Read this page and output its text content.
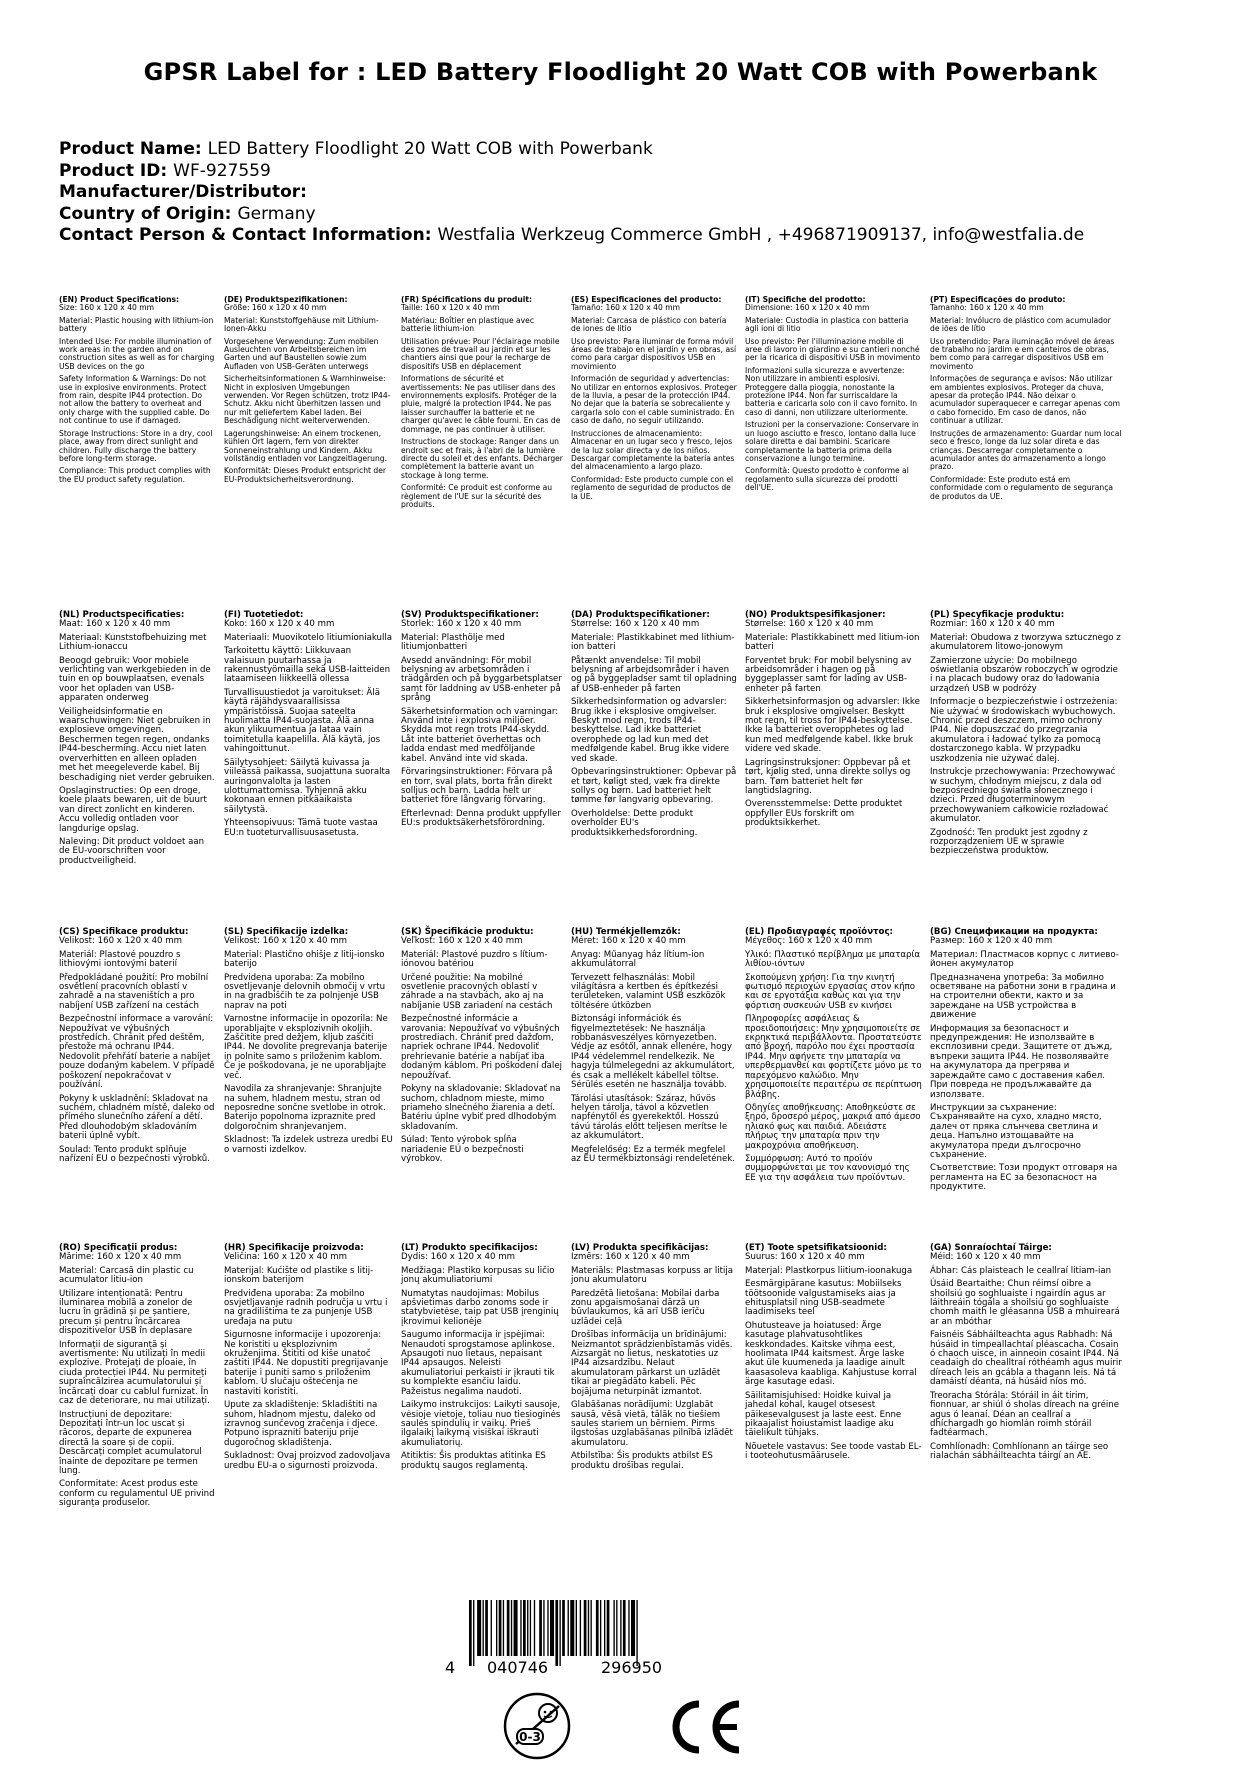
GPSR Label for : LED Battery Floodlight 20 Watt COB with Powerbank
Product Name: LED Battery Floodlight 20 Watt COB with Powerbank
Product ID: WF-927559
Manufacturer/Distributor:
Country of Origin: Germany
Contact Person & Contact Information: Westfalia Werkzeug Commerce GmbH , +496871909137, info@westfalia.de
(EN) Product Specifications:

Size: 160 x 120 x 40 mm

Material: Plastic housing with lithium-ion battery

Intended Use: For mobile illumination of work areas in the garden and on construction sites as well as for charging USB devices on the go

Safety Information & Warnings: Do not use in explosive environments. Protect from rain, despite IP44 protection. Do not allow the battery to overheat and only charge with the supplied cable. Do not continue to use if damaged.

Storage Instructions: Store in a dry, cool place, away from direct sunlight and children. Fully discharge the battery before long-term storage.

Compliance: This product complies with the EU product safety regulation.

(DE) Produktspezifikationen:

Größe: 160 x 120 x 40 mm

Material: Kunststoffgehäuse mit Lithium-Ionen-Akku

Vorgesehene Verwendung: Zum mobilen Ausleuchten von Arbeitsbereichen im Garten und auf Baustellen sowie zum Aufladen von USB-Geräten unterwegs

Sicherheitsinformationen & Warnhinweise: Nicht in explosiven Umgebungen verwenden. Vor Regen schützen, trotz IP44-Schutz. Akku nicht überhitzen lassen und nur mit geliefertem Kabel laden. Bei Beschädigung nicht weiterverwenden.

Lagerungshinweise: An einem trockenen, kühlen Ort lagern, fern von direkter Sonneneinstrahlung und Kindern. Akku vollständig entladen vor Langzeitlagerung.

Konformität: Dieses Produkt entspricht der EU-Produktsicherheitsverordnung.

(FR) Spécifications du produit:

Taille: 160 x 120 x 40 mm

Matériau: Boîtier en plastique avec batterie lithium-ion

Utilisation prévue: Pour l'éclairage mobile des zones de travail au jardin et sur les chantiers ainsi que pour la recharge de dispositifs USB en déplacement

Informations de sécurité et avertissements: Ne pas utiliser dans des environnements explosifs. Protéger de la pluie, malgré la protection IP44. Ne pas laisser surchauffer la batterie et ne charger qu'avec le câble fourni. En cas de dommage, ne pas continuer à utiliser.

Instructions de stockage: Ranger dans un endroit sec et frais, à l'abri de la lumière directe du soleil et des enfants. Décharger complètement la batterie avant un stockage à long terme.

Conformité: Ce produit est conforme au règlement de l'UE sur la sécurité des produits.

(ES) Especificaciones del producto:

Tamaño: 160 x 120 x 40 mm

Material: Carcasa de plástico con batería de iones de litio

Uso previsto: Para iluminar de forma móvil áreas de trabajo en el jardín y en obras, así como para cargar dispositivos USB en movimiento

Información de seguridad y advertencias: No utilizar en entornos explosivos. Proteger de la lluvia, a pesar de la protección IP44. No dejar que la batería se sobrecaliente y cargarla solo con el cable suministrado. En caso de daño, no seguir utilizando.

Instrucciones de almacenamiento: Almacenar en un lugar seco y fresco, lejos de la luz solar directa y de los niños. Descargar completamente la batería antes del almacenamiento a largo plazo.

Conformidad: Este producto cumple con el reglamento de seguridad de productos de la UE.

(IT) Specifiche del prodotto:

Dimensione: 160 x 120 x 40 mm

Materiale: Custodia in plastica con batteria agli ioni di litio

Uso previsto: Per l'illuminazione mobile di aree di lavoro in giardino e su cantieri nonché per la ricarica di dispositivi USB in movimento

Informazioni sulla sicurezza e avvertenze: Non utilizzare in ambienti esplosivi. Proteggere dalla pioggia, nonostante la protezione IP44. Non far surriscaldare la batteria e caricarla solo con il cavo fornito. In caso di danni, non utilizzare ulteriormente.

Istruzioni per la conservazione: Conservare in un luogo asciutto e fresco, lontano dalla luce solare diretta e dai bambini. Scaricare completamente la batteria prima della conservazione a lungo termine.

Conformità: Questo prodotto è conforme al regolamento sulla sicurezza dei prodotti dell'UE.

(PT) Especificações do produto:

Tamanho: 160 x 120 x 40 mm

Material: Invólucro de plástico com acumulador de iões de lítio

Uso pretendido: Para iluminação móvel de áreas de trabalho no jardim e em canteiros de obras, bem como para carregar dispositivos USB em movimento

Informações de segurança e avisos: Não utilizar em ambientes explosivos. Proteger da chuva, apesar da proteção IP44. Não deixar o acumulador superaquecer e carregar apenas com o cabo fornecido. Em caso de danos, não continuar a utilizar.

Instruções de armazenamento: Guardar num local seco e fresco, longe da luz solar direta e das crianças. Descarregar completamente o acumulador antes do armazenamento a longo prazo.

Conformidade: Este produto está em conformidade com o regulamento de segurança de produtos da UE.

(NL) Productspecificaties:

Maat: 160 x 120 x 40 mm

Materiaal: Kunststofbehuizing met Lithium-ionaccu

Beoogd gebruik: Voor mobiele verlichting van werkgebieden in de tuin en op bouwplaatsen, evenals voor het opladen van USB-apparaten onderweg

Veiligheidsinformatie en waarschuwingen: Niet gebruiken in explosieve omgevingen. Beschermen tegen regen, ondanks IP44-bescherming. Accu niet laten oververhitten en alleen opladen met het meegeleverde kabel. Bij beschadiging niet verder gebruiken.

Opslaginstructies: Op een droge, koele plaats bewaren, uit de buurt van direct zonlicht en kinderen. Accu volledig ontladen voor langdurige opslag.

Naleving: Dit product voldoet aan de EU-voorschriften voor productveiligheid.

(FI) Tuotetiedot:

Koko: 160 x 120 x 40 mm

Materiaali: Muovikotelo litiumioniakulla

Tarkoitettu käyttö: Liikkuvaan valaisuun puutarhassa ja rakennustyömailla sekä USB-laitteiden lataamiseen liikkeellä ollessa

Turvallisuustiedot ja varoitukset: Älä käytä räjähdysvaarallisissa ympäristöissä. Suojaa sateelta huolimatta IP44-suojasta. Älä anna akun ylikuumentua ja lataa vain toimitetulla kaapelilla. Älä käytä, jos vahingoittunut.

Säilytysohjeet: Säilytä kuivassa ja viileässä paikassa, suojattuna suoralta auringonvalolta ja lasten ulottumattomissa. Tyhjennä akku kokonaan ennen pitkäaikaista säilytystä.

Yhteensopivuus: Tämä tuote vastaa EU:n tuoteturvallisuusasetusta.

(SV) Produktspecifikationer:

Storlek: 160 x 120 x 40 mm

Material: Plasthölje med litiumjonbatteri

Avsedd användning: För mobil belysning av arbetsområden i trädgården och på byggarbetsplatser samt för laddning av USB-enheter på språng

Säkerhetsinformation och varningar: Använd inte i explosiva miljöer. Skydda mot regn trots IP44-skydd. Låt inte batteriet överhettas och ladda endast med medföljande kabel. Använd inte vid skada.

Förvaringsinstruktioner: Förvara på en torr, sval plats, borta från direkt solljus och barn. Ladda helt ur batteriet före långvarig förvaring.

Efterlevnad: Denna produkt uppfyller EU:s produktsäkerhetsförordning.

(DA) Produktspecifikationer:

Størrelse: 160 x 120 x 40 mm

Materiale: Plastikkabinet med lithium-ion batteri

Påtænkt anvendelse: Til mobil belysning af arbejdsområder i haven og på byggepladser samt til opladning af USB-enheder på farten

Sikkerhedsinformation og advarsler: Brug ikke i eksplosive omgivelser. Beskyt mod regn, trods IP44-beskyttelse. Lad ikke batteriet overophede og lad kun med det medfølgende kabel. Brug ikke videre ved skade.

Opbevaringsinstruktioner: Opbevar på et tørt, køligt sted, væk fra direkte sollys og børn. Lad batteriet helt tømme før langvarig opbevaring.

Overholdelse: Dette produkt overholder EU's produktsikkerhedsforordning.

(NO) Produktspesifikasjoner:

Størrelse: 160 x 120 x 40 mm

Materiale: Plastikkabinett med litium-ion batteri

Forventet bruk: For mobil belysning av arbeidsområder i hagen og på byggeplasser samt for lading av USB-enheter på farten

Sikkerhetsinformasjon og advarsler: Ikke bruk i eksplosive omgivelser. Beskytt mot regn, til tross for IP44-beskyttelse. Ikke la batteriet overopphetes og lad kun med medfølgende kabel. Ikke bruk videre ved skade.

Lagringsinstruksjoner: Oppbevar på et tørt, kjølig sted, unna direkte sollys og barn. Tøm batteriet helt før langtidslagring.

Overensstemmelse: Dette produktet oppfyller EUs forskrift om produktsikkerhet.

(PL) Specyfikacje produktu:

Rozmiar: 160 x 120 x 40 mm

Materiał: Obudowa z tworzywa sztucznego z akumulatorem litowo-jonowym

Zamierzone użycie: Do mobilnego oświetlania obszarów roboczych w ogrodzie i na placach budowy oraz do ładowania urządzeń USB w podróży

Informacje o bezpieczeństwie i ostrzeżenia: Nie używać w środowiskach wybuchowych. Chronić przed deszczem, mimo ochrony IP44. Nie dopuszczać do przegrzania akumulatora i ładować tylko za pomocą dostarczonego kabla. W przypadku uszkodzenia nie używać dalej.

Instrukcje przechowywania: Przechowywać w suchym, chłodnym miejscu, z dala od bezpośredniego światła słonecznego i dzieci. Przed długoterminowym przechowywaniem całkowicie rozładować akumulator.

Zgodność: Ten produkt jest zgodny z rozporządzeniem UE w sprawie bezpieczeństwa produktów.

(CS) Specifikace produktu:

Velikost: 160 x 120 x 40 mm

Materiál: Plastové pouzdro s lithiovými iontovými baterií

Předpokládané použití: Pro mobilní osvětlení pracovních oblastí v zahradě a na staveništích a pro nabíjení USB zařízení na cestách

Bezpečnostní informace a varování: Nepoužívat ve výbušných prostředích. Chránit před deštěm, přestože má ochranu IP44. Nedovolit přehřátí baterie a nabíjet pouze dodaným kabelem. V případě poškození nepokračovat v používání.

Pokyny k uskladnění: Skladovat na suchém, chladném místě, daleko od přímého slunečního záření a dětí. Před dlouhodobým skladováním baterii úplně vybít.

Soulad: Tento produkt splňuje nařízení EU o bezpečnosti výrobků.

(SL) Specifikacije izdelka:

Velikost: 160 x 120 x 40 mm

Material: Plastično ohišje z litij-ionsko baterijo

Predvidena uporaba: Za mobilno osvetljevanje delovnih območij v vrtu in na gradbiščih te za polnjenje USB naprav na poti

Varnostne informacije in opozorila: Ne uporabljajte v eksplozivnih okoljih. Zaščitite pred dežjem, kljub zaščiti IP44. Ne dovolite pregrevanja baterije in polnite samo s priloženim kablom. Če je poškodovana, je ne uporabljajte več.

Navodila za shranjevanje: Shranjujte na suhem, hladnem mestu, stran od neposredne sončne svetlobe in otrok. Baterijo popolnoma izpraznite pred dolgoročnim shranjevanjem.

Skladnost: Ta izdelek ustreza uredbi EU o varnosti izdelkov.

(SK) Špecifikácie produktu:

Veľkosť: 160 x 120 x 40 mm

Materiál: Plastové puzdro s lítium-iónovou batériou

Určené použitie: Na mobilné osvetlenie pracovných oblastí v záhrade a na stavbách, ako aj na nabíjanie USB zariadení na cestách

Bezpečnostné informácie a varovania: Nepoužívať vo výbušných prostrediach. Chrániť pred dažďom, napriek ochrane IP44. Nedovoliť prehrievanie batérie a nabíjať iba dodaným káblom. Pri poškodení ďalej nepoužívať.

Pokyny na skladovanie: Skladovať na suchom, chladnom mieste, mimo priameho slnečného žiarenia a detí. Batériu úplne vybiť pred dlhodobým skladovaním.

Súlad: Tento výrobok spĺňa nariadenie EÚ o bezpečnosti výrobkov.

(HU) Termékjellemzők:

Méret: 160 x 120 x 40 mm

Anyag: Műanyag ház lítium-ion akkumulátorral

Tervezett felhasználás: Mobil világításra a kertben és építkezési területeken, valamint USB eszközök töltésére útközben

Biztonsági információk és figyelmeztetések: Ne használja robbanásveszélyes környezetben. Védje az esőtől, annak ellenére, hogy IP44 védelemmel rendelkezik. Ne hagyja túlmelegedni az akkumulátort, és csak a mellékelt kábellel töltse. Sérülés esetén ne használja tovább.

Tárolási utasítások: Száraz, hűvös helyen tárolja, távol a közvetlen napfénytől és gyerekektől. Hosszú távú tárolás előtt teljesen merítse le az akkumulátort.

Megfelelőség: Ez a termék megfelel az EU termékbiztonsági rendeletének.

(EL) Προδιαγραφές προϊόντος:

Μέγεθος: 160 x 120 x 40 mm

Υλικό: Πλαστικό περίβλημα με μπαταρία λιθίου-ιόντων

Σκοπούμενη χρήση: Για την κινητή φωτισμό περιοχών εργασίας στον κήπο και σε εργοτάξια καθώς και για την φόρτιση συσκευών USB εν κινήσει

Πληροφορίες ασφάλειας & προειδοποιήσεις: Μην χρησιμοποιείτε σε εκρηκτικά περιβάλλοντα. Προστατεύστε από βροχή, παρόλο που έχει προστασία IP44. Μην αφήνετε την μπαταρία να υπερθερμανθεί και φορτίζετε μόνο με το παρεχόμενο καλώδιο. Μην χρησιμοποιείτε περαιτέρω σε περίπτωση βλάβης.

Οδηγίες αποθήκευσης: Αποθηκεύστε σε ξηρό, δροσερό μέρος, μακριά από άμεσο ηλιακό φως και παιδιά. Αδειάστε πλήρως την μπαταρία πριν την μακροχρόνια αποθήκευση.

Συμμόρφωση: Αυτό το προϊόν συμμορφώνεται με τον κανονισμό της ΕΕ για την ασφάλεια των προϊόντων.

(BG) Спецификации на продукта:

Размер: 160 x 120 x 40 mm

Материал: Пластмасов корпус с литиево-йонен акумулатор

Предназначена употреба: За мобилно осветяване на работни зони в градина и на строителни обекти, както и за зареждане на USB устройства в движение

Информация за безопасност и предупреждения: Не използвайте в експлозивни среди. Защитете от дъжд, въпреки защита IP44. Не позволявайте на акумулатора да прегрява и зареждайте само с доставения кабел. При повреда не продължавайте да използвате.

Инструкции за съхранение: Съхранявайте на сухо, хладно място, далеч от пряка слънчева светлина и деца. Напълно изтощавайте на акумулатора преди дългосрочно съхранение.

Съответствие: Този продукт отговаря на регламента на ЕС за безопасност на продуктите.

(RO) Specificații produs:

Mărime: 160 x 120 x 40 mm

Material: Carcasă din plastic cu acumulator litiu-ion

Utilizare intenționată: Pentru iluminarea mobilă a zonelor de lucru în grădină și pe șantiere, precum și pentru încărcarea dispozitivelor USB în deplasare

Informații de siguranță și avertismente: Nu utilizați în medii explozive. Protejați de ploaie, în ciuda protecției IP44. Nu permiteți supraîncălzirea acumulatorului și încărcați doar cu cablul furnizat. În caz de deteriorare, nu mai utilizați.

Instrucțiuni de depozitare: Depozitați într-un loc uscat și răcoros, departe de expunerea directă la soare și de copii. Descărcați complet acumulatorul înainte de depozitare pe termen lung.

Conformitate: Acest produs este conform cu regulamentul UE privind siguranța produselor.

(HR) Specifikacije proizvoda:

Veličina: 160 x 120 x 40 mm

Materijal: Kućište od plastike s litij-ionskom baterijom

Predviđena uporaba: Za mobilno osvjetljavanje radnih područja u vrtu i na gradilištima te za punjenje USB uređaja na putu

Sigurnosne informacije i upozorenja: Ne koristiti u eksplozivnim okruženjima. Štititi od kiše unatoč zaštiti IP44. Ne dopustiti pregrijavanje baterije i puniti samo s priloženim kablom. U slučaju oštećenja ne nastaviti koristiti.

Upute za skladištenje: Skladištiti na suhom, hladnom mjestu, daleko od izravnog sunčevog zračenja i djece. Potpuno isprazniti bateriju prije dugoročnog skladištenja.

Sukladnost: Ovaj proizvod zadovoljava uredbu EU-a o sigurnosti proizvoda.

(LT) Produkto specifikacijos:

Dydis: 160 x 120 x 40 mm

Medžiaga: Plastiko korpusas su ličio jonų akumuliatoriumi

Numatytas naudojimas: Mobilus apšvietimas darbo zonoms sode ir statybvietėse, taip pat USB įrenginių įkrovimui kelionėje

Saugumo informacija ir įspėjimai: Nenaudoti sprogstamose aplinkose. Apsaugoti nuo lietaus, nepaisant IP44 apsaugos. Neleisti akumuliatoriui perkaisti ir įkrauti tik su komplekte esančiu laidu. Pažeistus negalima naudoti.

Laikymo instrukcijos: Laikyti sausoje, vėsioje vietoje, toliau nuo tiesioginės saulės spindulių ir vaikų. Prieš ilgalaikį laikymą visiškai iškrauti akumuliatorių.

Atitiktis: Šis produktas atitinka ES produktų saugos reglamentą.

(LV) Produkta specifikācijas:

Izmērs: 160 x 120 x 40 mm

Materiāls: Plastmasas korpuss ar litija jonu akumulatoru

Paredzētā lietošana: Mobilai darba zonu apgaismošanai dārzā un būvlaukumos, kā arī USB ierīču uzlādei ceļā

Drošības informācija un brīdinājumi: Neizmantot sprādzienbīstamās vidēs. Aizsargāt no lietus, neskatoties uz IP44 aizsardzību. Nelaut akumulatoram pārkarst un uzlādēt tikai ar piegādāto kabeli. Pēc bojājuma neturpināt izmantot.

Glabāšanas norādījumi: Uzglabāt sausā, vēsā vietā, tālāk no tiešiem saules stariem un bērniem. Pirms ilgstošas uzglabāšanas pilnībā izlādēt akumulatoru.

Atbilstība: Šis produkts atbilst ES produktu drošības regulai.

(ET) Toote spetsifikatsioonid:

Suurus: 160 x 120 x 40 mm

Materjal: Plastkorpus liitium-ioonakuga

Eesmärgipärane kasutus: Mobiilseks töötsoonide valgustamiseks aias ja ehitusplatsil ning USB-seadmete laadimiseks teel

Ohutusteave ja hoiatused: Ärge kasutage plahvatusohtlikes keskkondades. Kaitske vihma eest, hoolimata IP44 kaitsmest. Ärge laske akut üle kuumeneda ja laadige ainult kaasasoleva kaabliga. Kahjustuse korral ärge kasutage edasi.

Säilitamisjuhised: Hoidke kuival ja jahedal kohal, kaugel otsesest päikesevalgusest ja laste eest. Enne pikaajalist hoiustamist laadige aku täielikult tühjaks.

Nõuetele vastavus: See toode vastab EL-i tooteohutusmäärusele.

(GA) Sonraíochtaí Táirge:

Méid: 160 x 120 x 40 mm

Ábhar: Cás plaisteach le ceallraí litiam-ian

Úsáid Beartaithe: Chun réimsí oibre a shoilsiú go soghluaiste i ngairdín agus ar láithreáin tógála a shoilsiú go soghluaiste chomh maith le gléasanna USB a mhuireará ar an mbóthar

Faisnéis Sábháilteachta agus Rabhadh: Ná húsáid in timpeallachtaí pléascacha. Cosain ó chaoch uisce, in ainneoin cosaint IP44. Ná ceadaigh do chealltraí róthéamh agus muirir díreach leis an gcábla a thagann leis. Ná tá damáistí déanta, ná húsáid níos mó.

Treoracha Stórála: Stóráil in áit tirim, fionnuar, ar shiúl ó sholas díreach na gréine agus ó leanaí. Déan an ceallraí a dhíchargadh go hiomlán roimh stóráil fadtéarmach.

Comhlíonadh: Comhlíonann an táirge seo rialachán sábháilteachta táirgí an AE.

4 040746	296950
0-3
